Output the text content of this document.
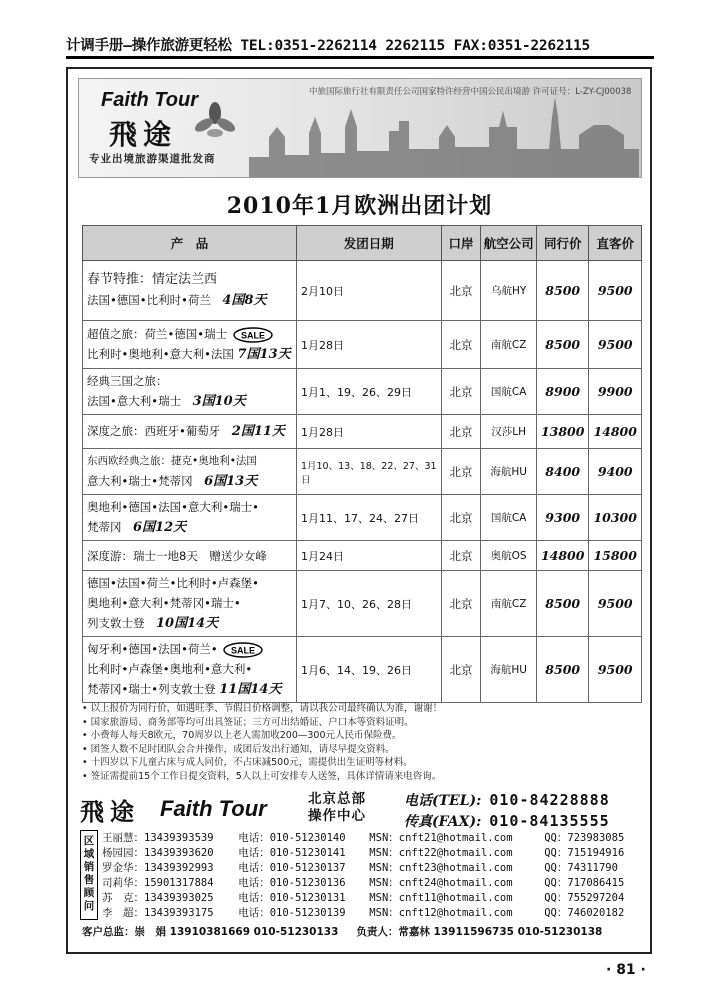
计调手册—操作旅游更轻松 TEL:0351-2262114 2262115 FAX:0351-2262115
中旅国际旅行社有限责任公司国家特许经营中国公民出境游 许可证号：L-ZY-CJ00038
Faith Tour
飛途
专业出境旅游渠道批发商
2010年1月欧洲出团计划
产　品	发团日期	口岸	航空公司	同行价	直客价

春节特推：情定法兰西
法国•德国•比利时•荷兰　 4国8天	2月10日	北京	乌航HY	8500	9500

超值之旅：荷兰•德国•瑞士 SALE
比利时•奥地利•意大利•法国 7国13天	1月28日	北京	南航CZ	8500	9500

经典三国之旅：
法国•意大利•瑞士　 3国10天	1月1、19、26、29日	北京	国航CA	8900	9900

深度之旅：西班牙•葡萄牙　 2国11天	1月28日	北京	汉莎LH	13800	14800

东西欧经典之旅：捷克•奥地利•法国
意大利•瑞士•梵蒂冈　 6国13天	1月10、13、18、22、27、31日	北京	海航HU	8400	9400

奥地利•德国•法国•意大利•瑞士•
梵蒂冈　 6国12天	1月11、17、24、27日	北京	国航CA	9300	10300

深度游：瑞士一地8天　赠送少女峰	1月24日	北京	奥航OS	14800	15800

德国•法国•荷兰•比利时•卢森堡•
奥地利•意大利•梵蒂冈•瑞士•
列支敦士登　 10国14天	1月7、10、26、28日	北京	南航CZ	8500	9500

匈牙利•德国•法国•荷兰• SALE
比利时•卢森堡•奥地利•意大利•
梵蒂冈•瑞士•列支敦士登 11国14天	1月6、14、19、26日	北京	海航HU	8500	9500
• 以上报价为同行价，如遇旺季、节假日价格调整，请以我公司最终确认为准，谢谢！
• 国家旅游局、商务部等均可出具签证；三方可出结婚证、户口本等资料证明。
• 小费每人每天8欧元，70周岁以上老人需加收200—300元人民币保险费。
• 团签人数不足时团队会合并操作，成团后发出行通知，请尽早提交资料。
• 十四岁以下儿童占床与成人同价，不占床减500元，需提供出生证明等材料。
• 签证需提前15个工作日提交资料，5人以上可安排专人送签，具体详情请来电咨询。
飛途 Faith Tour	北京总部
操作中心
电话(TEL): 010-84228888
传真(FAX): 010-84135555
区域销售顾问
王丽慧：13439393539	电话：010-51230140	MSN：cnft21@hotmail.com	QQ：723983085
杨园园：13439393620	电话：010-51230141	MSN：cnft22@hotmail.com	QQ：715194916
罗金华：13439392993	电话：010-51230137	MSN：cnft23@hotmail.com	QQ：74311790
司莉华：15901317884	电话：010-51230136	MSN：cnft24@hotmail.com	QQ：717086415
苏　克：13439393025	电话：010-51230131	MSN：cnft11@hotmail.com	QQ：755297204
李　超：13439393175	电话：010-51230139	MSN：cnft12@hotmail.com	QQ：746020182
客户总监：崇　娟 13910381669 010-51230133 负责人：常嘉林 13911596735 010-51230138
· 81 ·
